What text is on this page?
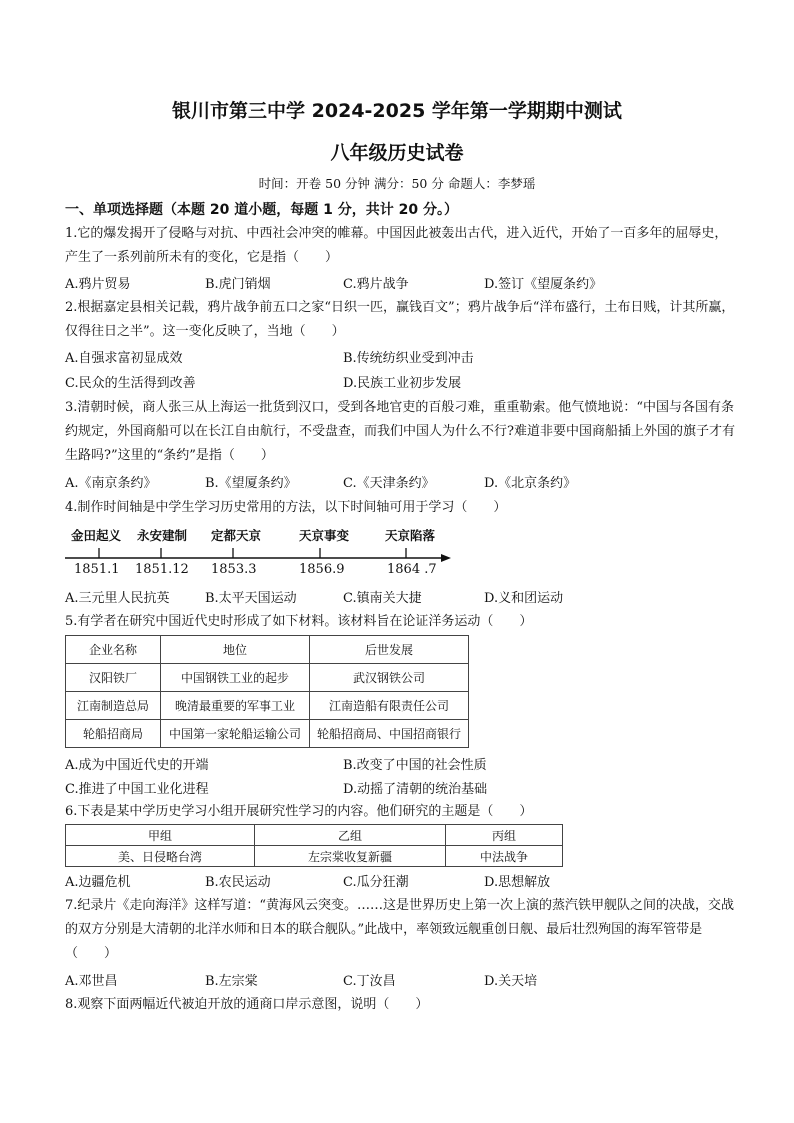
银川市第三中学 2024-2025 学年第一学期期中测试
八年级历史试卷
时间：开卷 50 分钟 满分：50 分 命题人：李梦瑶
一、单项选择题（本题 20 道小题，每题 1 分，共计 20 分。）
1.它的爆发揭开了侵略与对抗、中西社会冲突的帷幕。中国因此被轰出古代，进入近代，开始了一百多年的屈辱史，产生了一系列前所未有的变化，它是指（　　）
A.鸦片贸易	B.虎门销烟	C.鸦片战争	D.签订《望厦条约》
2.根据嘉定县相关记载，鸦片战争前五口之家“日织一匹，赢钱百文”；鸦片战争后“洋布盛行，土布日贱，计其所赢，仅得往日之半”。这一变化反映了，当地（　　）
A.自强求富初显成效	B.传统纺织业受到冲击
C.民众的生活得到改善	D.民族工业初步发展
3.清朝时候，商人张三从上海运一批货到汉口，受到各地官吏的百般刁难，重重勒索。他气愤地说：“中国与各国有条约规定，外国商船可以在长江自由航行，不受盘查，而我们中国人为什么不行?难道非要中国商船插上外国的旗子才有生路吗?”这里的“条约”是指（　　）
A.《南京条约》	B.《望厦条约》	C.《天津条约》	D.《北京条约》
4.制作时间轴是中学生学习历史常用的方法，以下时间轴可用于学习（　　）
金田起义 永安建制 定都天京	天京事变	天京陷落
1851.1 1851.12 1853.3	1856.9	1864 .7
A.三元里人民抗英	B.太平天国运动	C.镇南关大捷	D.义和团运动
5.有学者在研究中国近代史时形成了如下材料。该材料旨在论证洋务运动（　　）
企业名称	地位	后世发展
汉阳铁厂	中国钢铁工业的起步	武汉钢铁公司
江南制造总局	晚清最重要的军事工业	江南造船有限责任公司
轮船招商局	中国第一家轮船运输公司	轮船招商局、中国招商银行
A.成为中国近代史的开端	B.改变了中国的社会性质
C.推进了中国工业化进程	D.动摇了清朝的统治基础
6.下表是某中学历史学习小组开展研究性学习的内容。他们研究的主题是（　　）
甲组	乙组	丙组
美、日侵略台湾	左宗棠收复新疆	中法战争
A.边疆危机	B.农民运动	C.瓜分狂潮	D.思想解放
7.纪录片《走向海洋》这样写道：“黄海风云突变。……这是世界历史上第一次上演的蒸汽铁甲舰队之间的决战，交战的双方分别是大清朝的北洋水师和日本的联合舰队。”此战中，率领致远舰重创日舰、最后壮烈殉国的海军管带是（　　）
A.邓世昌	B.左宗棠	C.丁汝昌	D.关天培
8.观察下面两幅近代被迫开放的通商口岸示意图，说明（　　）
